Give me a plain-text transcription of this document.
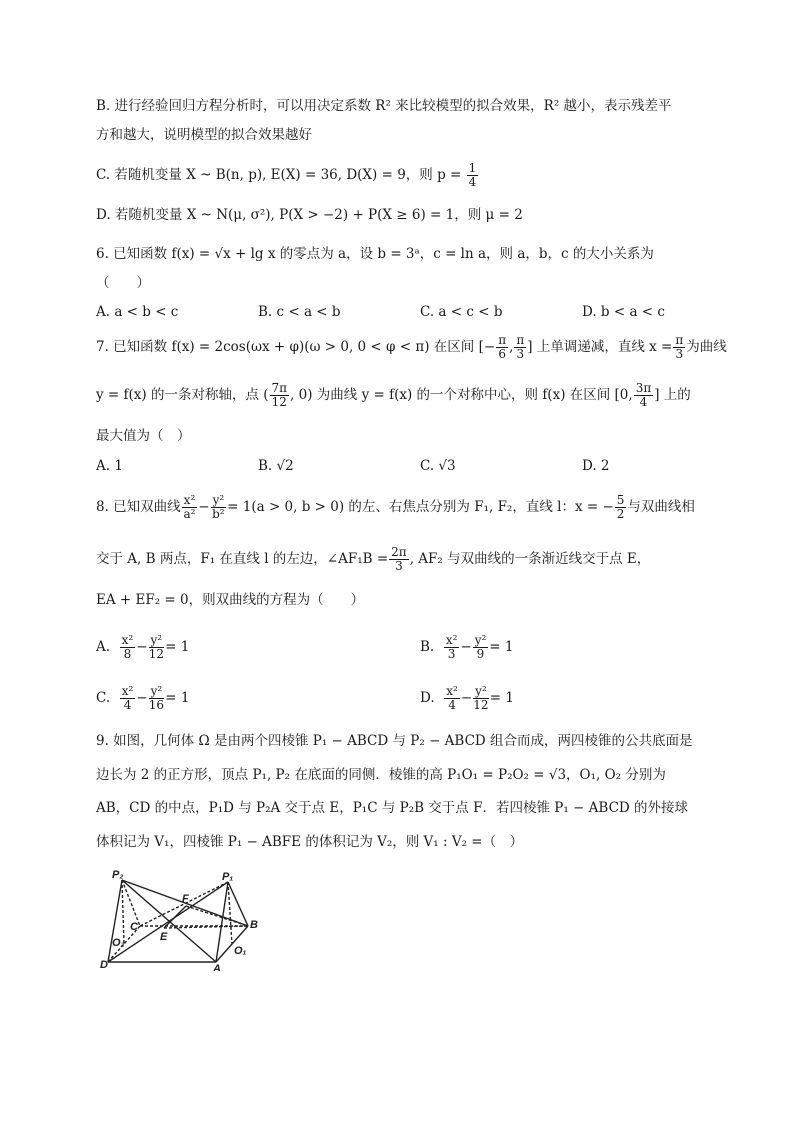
B. 进行经验回归方程分析时，可以用决定系数 R² 来比较模型的拟合效果，R² 越小，表示残差平
方和越大，说明模型的拟合效果越好
C. 若随机变量 X ~ B(n, p), E(X) = 36, D(X) = 9，则 $p = \frac{1}{4}$
D. 若随机变量 X ~ N(μ, σ²), P(X > −2) + P(X ≥ 6) = 1，则 μ = 2
6. 已知函数 f(x) = √x + lg x 的零点为 a，设 b = 3ᵃ，c = ln a，则 a，b，c 的大小关系为
（　　）
A. a < b < c	B. c < a < b	C. a < c < b	D. b < a < c
7. 已知函数 f(x) = 2cos(ωx + φ)(ω > 0, 0 < φ < π) 在区间 [− $\frac{\pi}{6}$ , $\frac{\pi}{3}$ ] 上单调递减，直线 $x = \frac{\pi}{3}$ 为曲线
y = f(x) 的一条对称轴，点 ( $\frac{7\pi}{12}$ , 0) 为曲线 y = f(x) 的一个对称中心，则 f(x) 在区间 [0, $\frac{3\pi}{4}$ ] 上的
最大值为（　）
A. 1	B. √2	C. √3	D. 2
8. 已知双曲线 $\frac{\text{x²}}{\text{a²}} - \frac{\text{y²}}{\text{b²}} = 1(a > 0$, b > 0) 的左、右焦点分别为 F₁, F₂，直线 l：x = − $\frac{5}{2}$ 与双曲线相
交于 A, B 两点，F₁ 在直线 l 的左边，∠AF₁B = $\frac{2\pi}{3}$ , AF₂ 与双曲线的一条渐近线交于点 E，
EA + EF₂ = 0，则双曲线的方程为（　　）
A. $\frac{\text{x²}}{8} - \frac{\text{y²}}{12} = 1$	B. $\frac{\text{x²}}{3} - \frac{\text{y²}}{9} = 1$
C. $\frac{\text{x²}}{4} - \frac{\text{y²}}{16} = 1$	D. $\frac{\text{x²}}{4} - \frac{\text{y²}}{12} = 1$
9. 如图，几何体 Ω 是由两个四棱锥 P₁ − ABCD 与 P₂ − ABCD 组合而成，两四棱锥的公共底面是
边长为 2 的正方形，顶点 P₁, P₂ 在底面的同侧．棱锥的高 P₁O₁ = P₂O₂ = √3，O₁, O₂ 分别为
AB，CD 的中点，P₁D 与 P₂A 交于点 E，P₁C 与 P₂B 交于点 F．若四棱锥 P₁ − ABCD 的外接球
体积记为 V₁，四棱锥 P₁ − ABFE 的体积记为 V₂，则 V₁ : V₂ =（　）
P₂	P₁
F
C
E
B
O₂
O₁
D	A
